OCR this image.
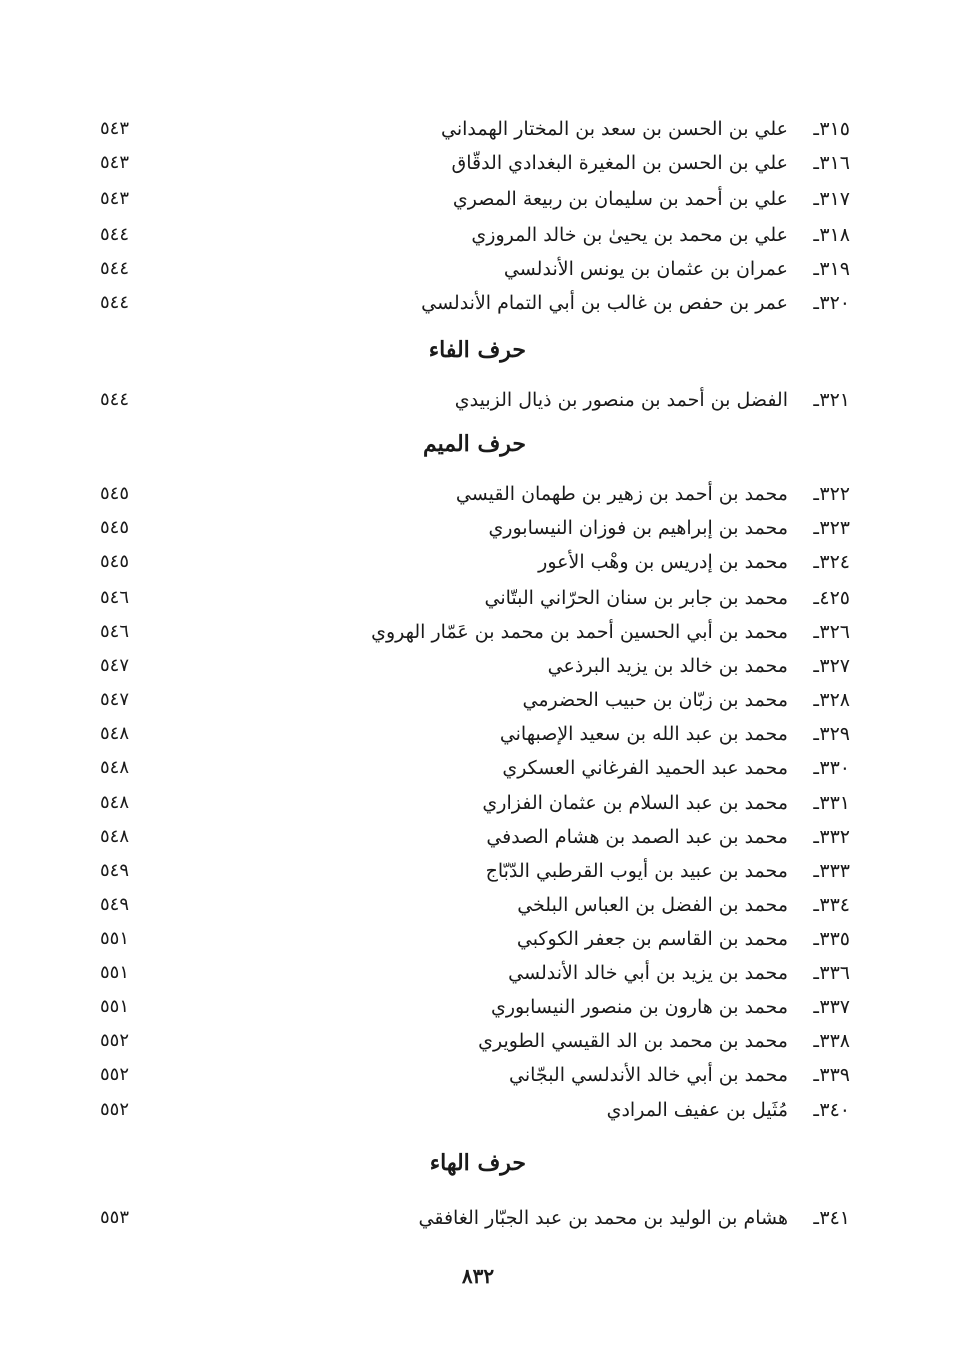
٣١٥
ـ
علي بن الحسن بن سعد بن المختار الهمداني
٥٤٣
٣١٦
ـ
علي بن الحسن بن المغيرة البغدادي الدقّاق
٥٤٣
٣١٧
ـ
علي بن أحمد بن سليمان بن ربيعة المصري
٥٤٣
٣١٨
ـ
علي بن محمد بن يحيىٰ بن خالد المروزي
٥٤٤
٣١٩
ـ
عمران بن عثمان بن يونس الأندلسي
٥٤٤
٣٢٠
ـ
عمر بن حفص بن غالب بن أبي التمام الأندلسي
٥٤٤
حرف الفاء
٣٢١
ـ
الفضل بن أحمد بن منصور بن ذيال الزبيدي
٥٤٤
حرف الميم
٣٢٢
ـ
محمد بن أحمد بن زهير بن طهمان القيسي
٥٤٥
٣٢٣
ـ
محمد بن إبراهيم بن فوزان النيسابوري
٥٤٥
٣٢٤
ـ
محمد بن إدريس بن وهْب الأعور
٥٤٥
٤٢٥
ـ
محمد بن جابر بن سنان الحرّاني البتّاني
٥٤٦
٣٢٦
ـ
محمد بن أبي الحسين أحمد بن محمد بن عَمّار الهروي
٥٤٦
٣٢٧
ـ
محمد بن خالد بن يزيد البرذعي
٥٤٧
٣٢٨
ـ
محمد بن زبّان بن حبيب الحضرمي
٥٤٧
٣٢٩
ـ
محمد بن عبد الله بن سعيد الإصبهاني
٥٤٨
٣٣٠
ـ
محمد عبد الحميد الفرغاني العسكري
٥٤٨
٣٣١
ـ
محمد بن عبد السلام بن عثمان الفزاري
٥٤٨
٣٣٢
ـ
محمد بن عبد الصمد بن هشام الصدفي
٥٤٨
٣٣٣
ـ
محمد بن عبيد بن أيوب القرطبي الدّبّاج
٥٤٩
٣٣٤
ـ
محمد بن الفضل بن العباس البلخي
٥٤٩
٣٣٥
ـ
محمد بن القاسم بن جعفر الكوكبي
٥٥١
٣٣٦
ـ
محمد بن يزيد بن أبي خالد الأندلسي
٥٥١
٣٣٧
ـ
محمد بن هارون بن منصور النيسابوري
٥٥١
٣٣٨
ـ
محمد بن محمد بن الد القيسي الطويري
٥٥٢
٣٣٩
ـ
محمد بن أبي خالد الأندلسي البجّاني
٥٥٢
٣٤٠
ـ
مُثَيل بن عفيف المرادي
٥٥٢
حرف الهاء
٣٤١
ـ
هشام بن الوليد بن محمد بن عبد الجبّار الغافقي
٥٥٣
٨٣٢
